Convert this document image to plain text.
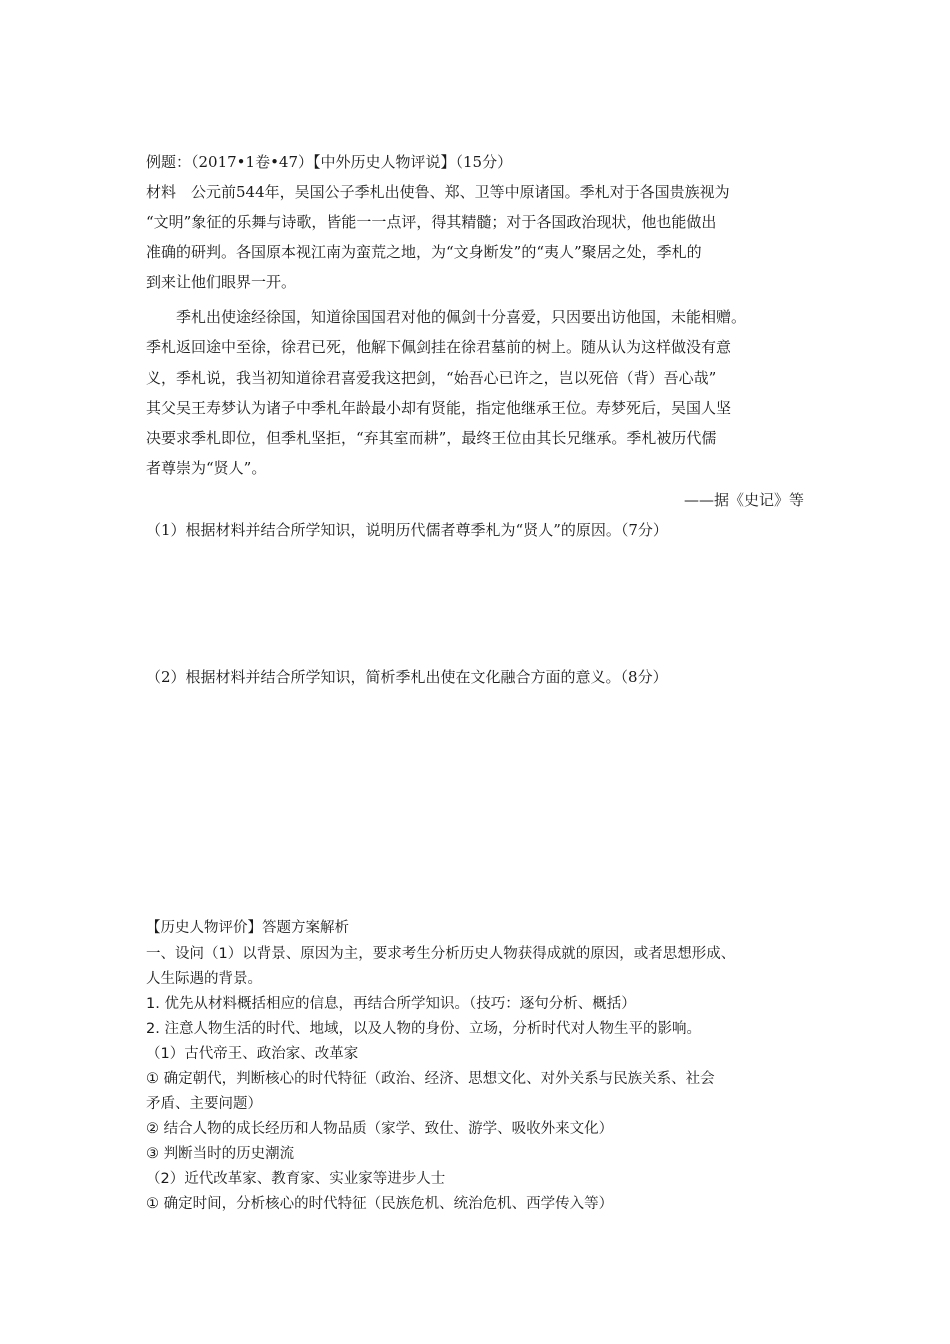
例题：（2017•1卷•47）【中外历史人物评说】（15分）
材料　公元前544年，吴国公子季札出使鲁、郑、卫等中原诸国。季札对于各国贵族视为
“文明”象征的乐舞与诗歌，皆能一一点评，得其精髓；对于各国政治现状，他也能做出
准确的研判。各国原本视江南为蛮荒之地，为“文身断发”的“夷人”聚居之处，季札的
到来让他们眼界一开。
　　季札出使途经徐国，知道徐国国君对他的佩剑十分喜爱，只因要出访他国，未能相赠。
季札返回途中至徐，徐君已死，他解下佩剑挂在徐君墓前的树上。随从认为这样做没有意
义，季札说，我当初知道徐君喜爱我这把剑，“始吾心已许之，岂以死倍（背）吾心哉”
其父吴王寿梦认为诸子中季札年龄最小却有贤能，指定他继承王位。寿梦死后，吴国人坚
决要求季札即位，但季札坚拒，“弃其室而耕”，最终王位由其长兄继承。季札被历代儒
者尊崇为“贤人”。
——据《史记》等
（1）根据材料并结合所学知识，说明历代儒者尊季札为“贤人”的原因。（7分）
（2）根据材料并结合所学知识，简析季札出使在文化融合方面的意义。（8分）
【历史人物评价】答题方案解析
一、设问（1）以背景、原因为主，要求考生分析历史人物获得成就的原因，或者思想形成、
人生际遇的背景。
1. 优先从材料概括相应的信息，再结合所学知识。（技巧：逐句分析、概括）
2. 注意人物生活的时代、地域，以及人物的身份、立场，分析时代对人物生平的影响。
（1）古代帝王、政治家、改革家
① 确定朝代，判断核心的时代特征（政治、经济、思想文化、对外关系与民族关系、社会
矛盾、主要问题）
② 结合人物的成长经历和人物品质（家学、致仕、游学、吸收外来文化）
③ 判断当时的历史潮流
（2）近代改革家、教育家、实业家等进步人士
① 确定时间，分析核心的时代特征（民族危机、统治危机、西学传入等）
